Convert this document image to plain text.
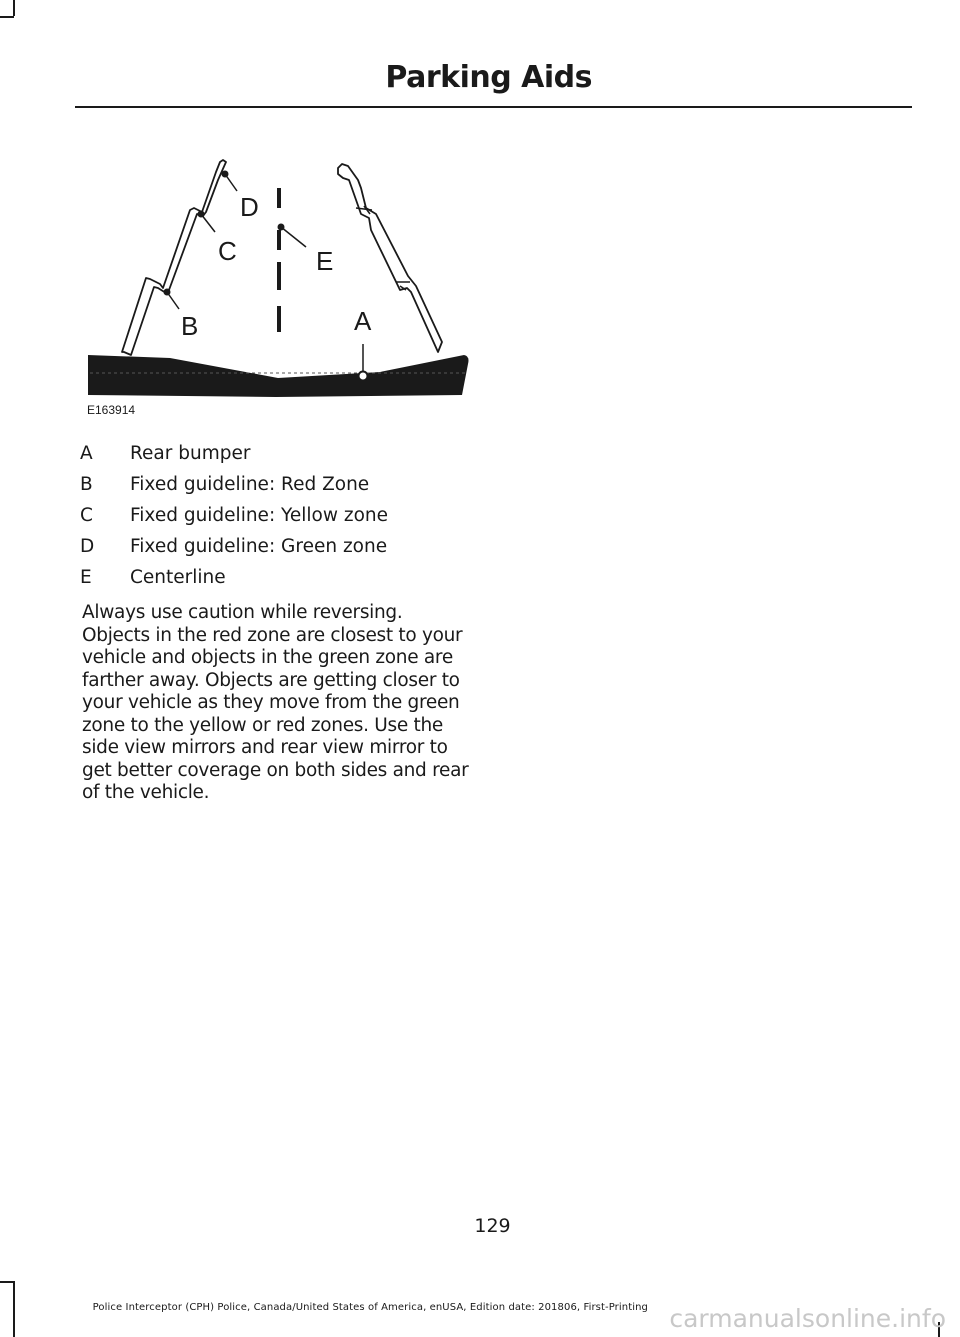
Parking Aids
D
C	E
A
B
E163914
A	Rear bumper
B	Fixed guideline: Red Zone
C	Fixed guideline: Yellow zone
D	Fixed guideline: Green zone
E	Centerline
Always use caution while reversing.
Objects in the red zone are closest to your
vehicle and objects in the green zone are
farther away. Objects are getting closer to
your vehicle as they move from the green
zone to the yellow or red zones. Use the
side view mirrors and rear view mirror to
get better coverage on both sides and rear
of the vehicle.
129
Police Interceptor (CPH) Police, Canada/United States of America, enUSA, Edition date: 201806, First-Printing carmanualsonline.info
